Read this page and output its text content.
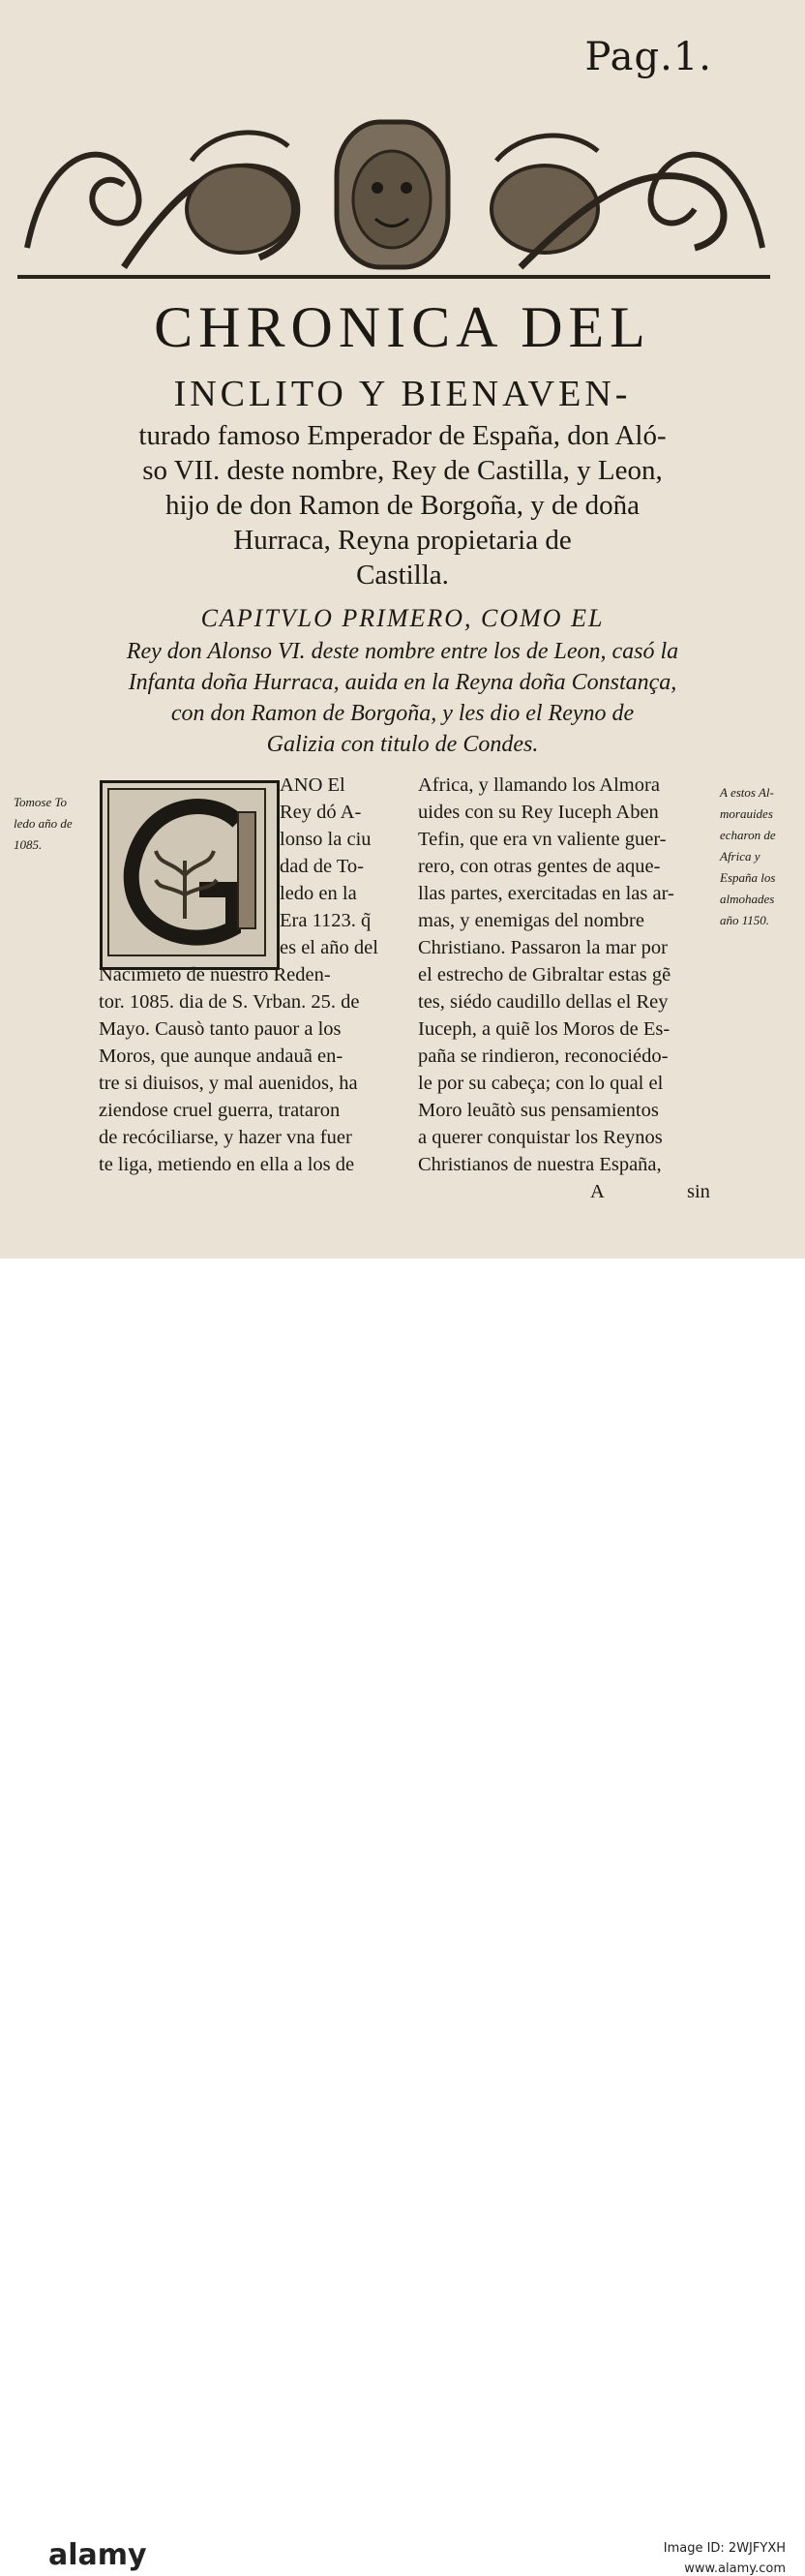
Pag.1.
CHRONICA DEL
INCLITO Y BIENAVEN-
turado famoso Emperador de España, don Aló-
so VII. deste nombre, Rey de Castilla, y Leon,
hijo de don Ramon de Borgoña, y de doña
Hurraca, Reyna propietaria de
Castilla.
CAPITVLO PRIMERO, COMO EL
Rey don Alonso VI. deste nombre entre los de Leon, casó la
Infanta doña Hurraca, auida en la Reyna doña Constança,
con don Ramon de Borgoña, y les dio el Reyno de
Galizia con titulo de Condes.
Tomose To
ledo año de
1085.
A estos Al-
morauides
echaron de
Africa y
España los
almohades
año 1150.
ANO El
Rey dó A-
lonso la ciu
dad de To-
ledo en la
Era 1123. q̃
es el año del
Nacimieto de nuestro Reden-
tor. 1085. dia de S. Vrban. 25. de
Mayo. Causò tanto pauor a los
Moros, que aunque andauã en-
tre si diuisos, y mal auenidos, ha
ziendose cruel guerra, trataron
de recóciliarse, y hazer vna fuer
te liga, metiendo en ella a los de
Africa, y llamando los Almora
uides con su Rey Iuceph Aben
Tefin, que era vn valiente guer-
rero, con otras gentes de aque-
llas partes, exercitadas en las ar-
mas, y enemigas del nombre
Christiano. Passaron la mar por
el estrecho de Gibraltar estas gẽ
tes, siédo caudillo dellas el Rey
Iuceph, a quiẽ los Moros de Es-
paña se rindieron, reconociédo-
le por su cabeça; con lo qual el
Moro leuãtò sus pensamientos
a querer conquistar los Reynos
Christianos de nuestra España,
A	sin
alamy	Image ID: 2WJFYXH
www.alamy.com
